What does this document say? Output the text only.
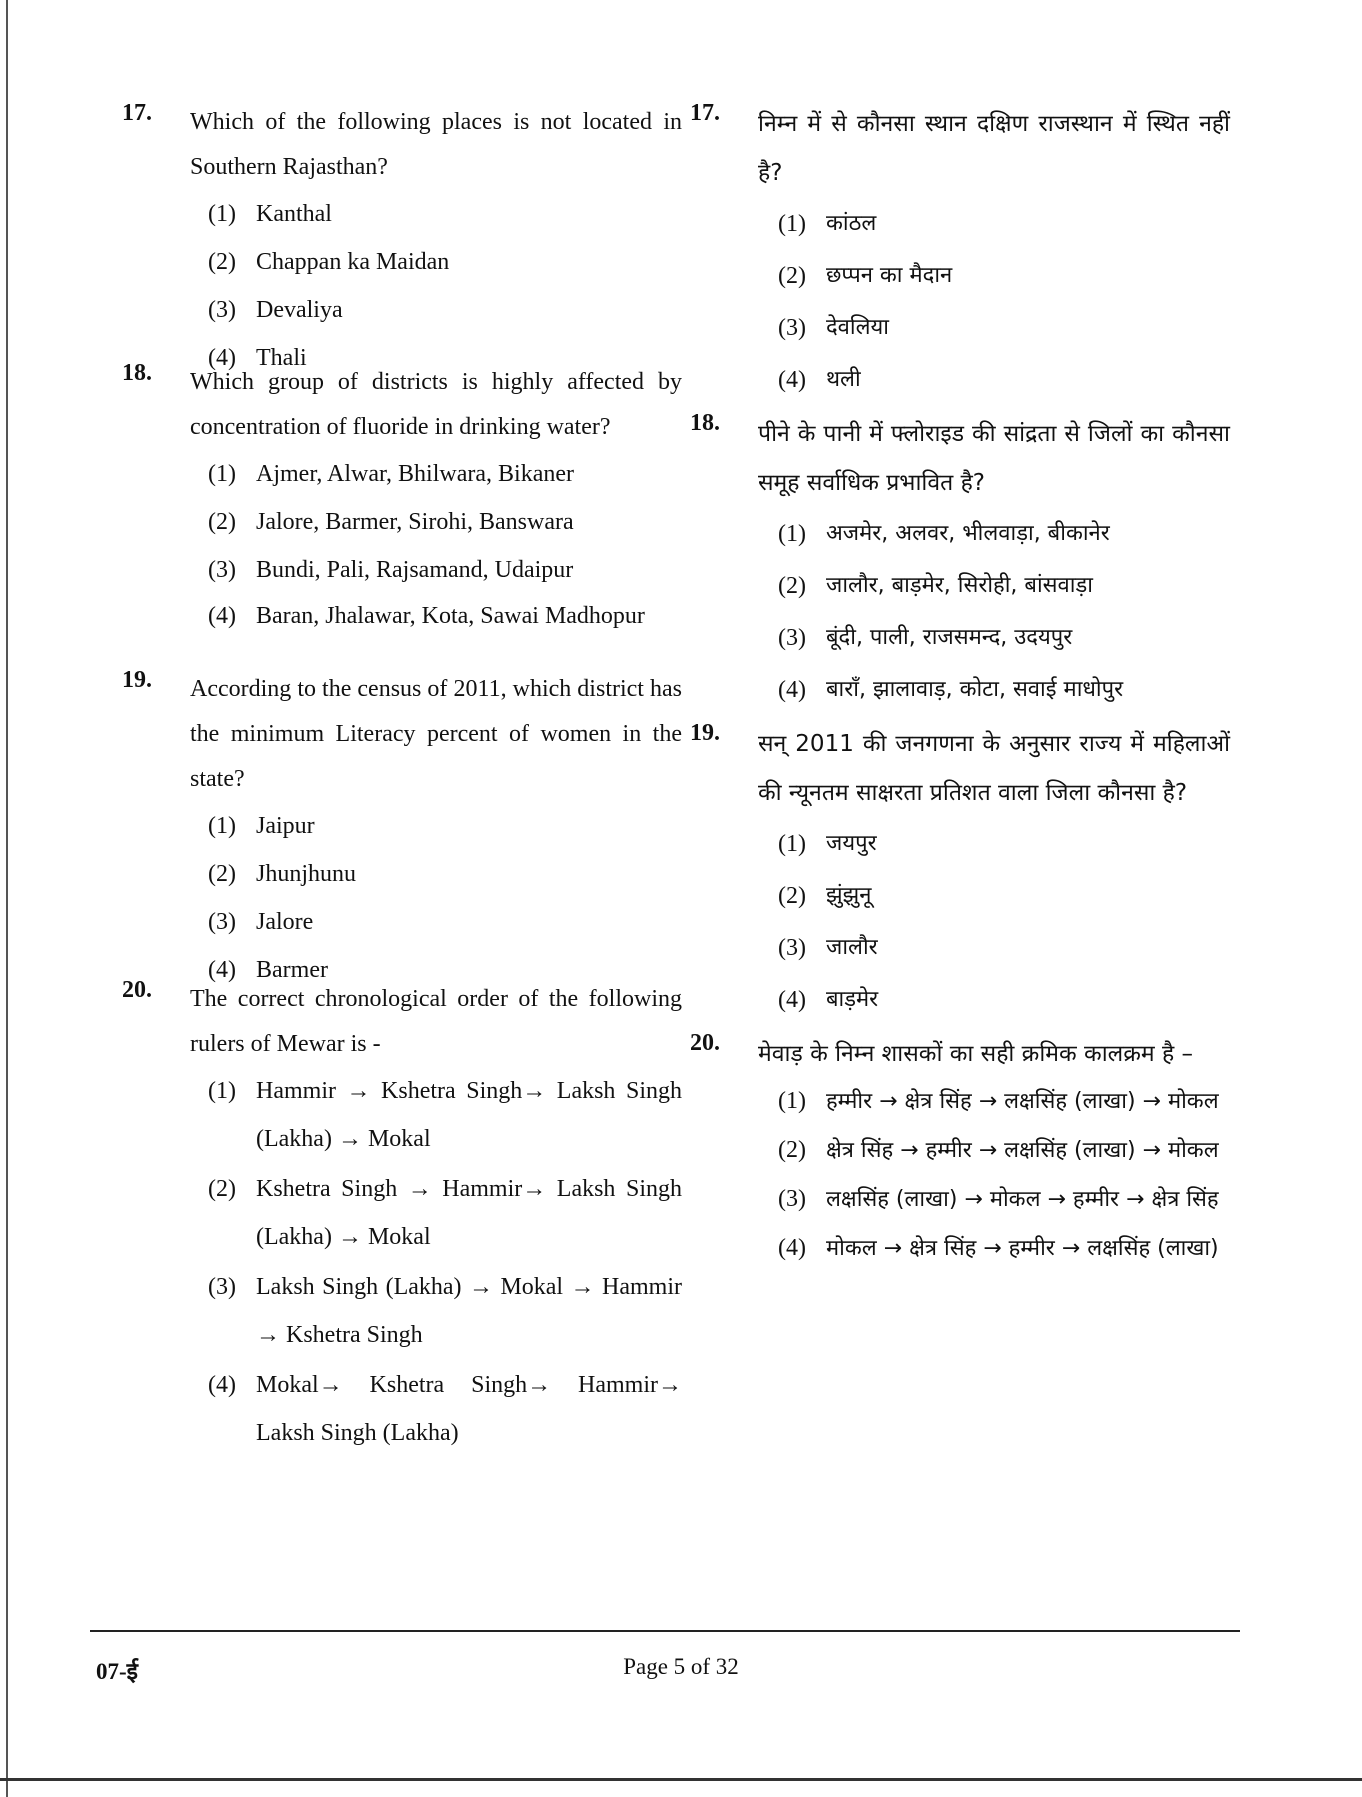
17. Which of the following places is not located in Southern Rajasthan?
(1) Kanthal
(2) Chappan ka Maidan
(3) Devaliya
(4) Thali
18. Which group of districts is highly affected by concentration of fluoride in drinking water?
(1) Ajmer, Alwar, Bhilwara, Bikaner
(2) Jalore, Barmer, Sirohi, Banswara
(3) Bundi, Pali, Rajsamand, Udaipur
(4) Baran, Jhalawar, Kota, Sawai Madhopur
19. According to the census of 2011, which district has the minimum Literacy percent of women in the state?
(1) Jaipur
(2) Jhunjhunu
(3) Jalore
(4) Barmer
20. The correct chronological order of the following rulers of Mewar is -
(1) Hammir → Kshetra Singh→ Laksh Singh (Lakha) → Mokal
(2) Kshetra Singh → Hammir→ Laksh Singh (Lakha) → Mokal
(3) Laksh Singh (Lakha) → Mokal → Hammir → Kshetra Singh
(4) Mokal→ Kshetra Singh→ Hammir→ Laksh Singh (Lakha)
17. निम्न में से कौनसा स्थान दक्षिण राजस्थान में स्थित नहीं है?
(1) कांठल
(2) छप्पन का मैदान
(3) देवलिया
(4) थली
18. पीने के पानी में फ्लोराइड की सांद्रता से जिलों का कौनसा समूह सर्वाधिक प्रभावित है?
(1) अजमेर, अलवर, भीलवाड़ा, बीकानेर
(2) जालौर, बाड़मेर, सिरोही, बांसवाड़ा
(3) बूंदी, पाली, राजसमन्द, उदयपुर
(4) बाराँ, झालावाड़, कोटा, सवाई माधोपुर
19. सन् 2011 की जनगणना के अनुसार राज्य में महिलाओं की न्यूनतम साक्षरता प्रतिशत वाला जिला कौनसा है?
(1) जयपुर
(2) झुंझुनू
(3) जालौर
(4) बाड़मेर
20. मेवाड़ के निम्न शासकों का सही क्रमिक कालक्रम है –
(1) हम्मीर → क्षेत्र सिंह → लक्षसिंह (लाखा) → मोकल
(2) क्षेत्र सिंह → हम्मीर → लक्षसिंह (लाखा) → मोकल
(3) लक्षसिंह (लाखा) → मोकल → हम्मीर → क्षेत्र सिंह
(4) मोकल → क्षेत्र सिंह → हम्मीर → लक्षसिंह (लाखा)
07-ई	Page 5 of 32
